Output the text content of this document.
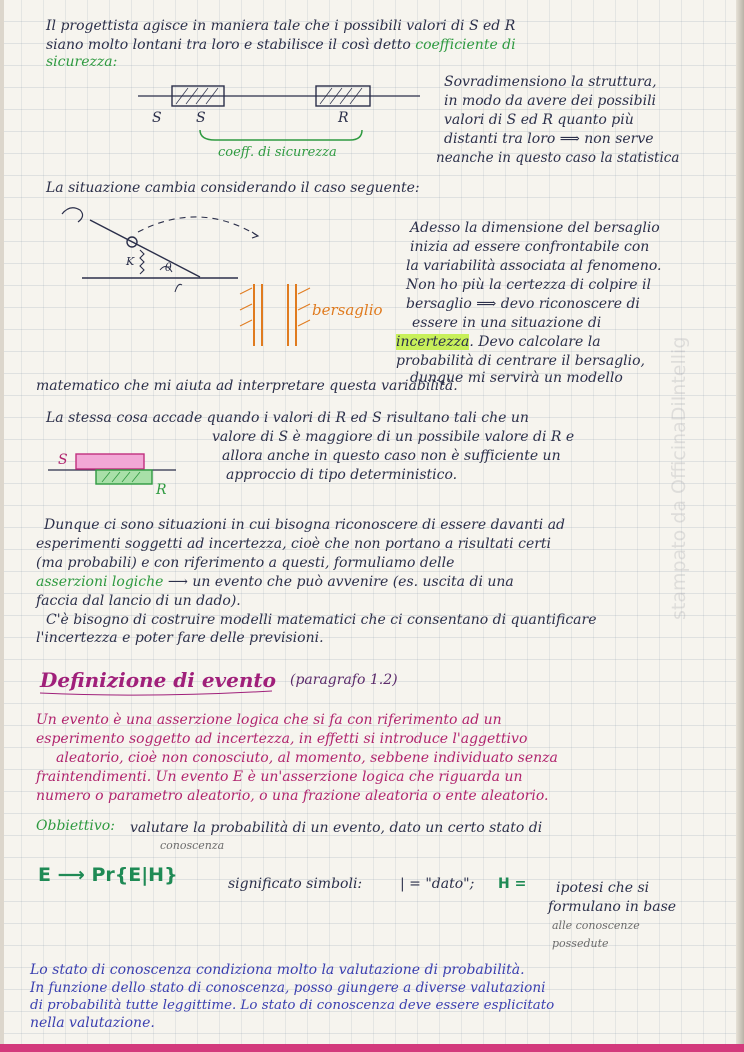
stampato da OfficinaDiIntellig
Il progettista agisce in maniera tale che i possibili valori di S ed R
siano molto lontani tra loro e stabilisce il così detto coefficiente di
sicurezza:
S S	R
coeff. di sicurezza
Sovradimensiono la struttura,
in modo da avere dei possibili
valori di S ed R quanto più
distanti tra loro ⟹ non serve
neanche in questo caso la statistica
La situazione cambia considerando il caso seguente:
K	θ
bersaglio
Adesso la dimensione del bersaglio
inizia ad essere confrontabile con
la variabilità associata al fenomeno.
Non ho più la certezza di colpire il
bersaglio ⟹ devo riconoscere di
essere in una situazione di
incertezza. Devo calcolare la
probabilità di centrare il bersaglio,
dunque mi servirà un modello
matematico che mi aiuta ad interpretare questa variabilità.
La stessa cosa accade quando i valori di R ed S risultano tali che un
valore di S è maggiore di un possibile valore di R e
allora anche in questo caso non è sufficiente un
approccio di tipo deterministico.
S
R
Dunque ci sono situazioni in cui bisogna riconoscere di essere davanti ad
esperimenti soggetti ad incertezza, cioè che non portano a risultati certi
(ma probabili) e con riferimento a questi, formuliamo delle
asserzioni logiche ⟶ un evento che può avvenire (es. uscita di una
faccia dal lancio di un dado).
C'è bisogno di costruire modelli matematici che ci consentano di quantificare
l'incertezza e poter fare delle previsioni.
Definizione di evento (paragrafo 1.2)
Un evento è una asserzione logica che si fa con riferimento ad un
esperimento soggetto ad incertezza, in effetti si introduce l'aggettivo
aleatorio, cioè non conosciuto, al momento, sebbene individuato senza
fraintendimenti. Un evento E è un'asserzione logica che riguarda un
numero o parametro aleatorio, o una frazione aleatoria o ente aleatorio.
Obbiettivo: valutare la probabilità di un evento, dato un certo stato di
conoscenza
E ⟶ Pr{E|H}	significato simboli:	| = "dato"; H = ipotesi che si
formulano in base
alle conoscenze
possedute
Lo stato di conoscenza condiziona molto la valutazione di probabilità.
In funzione dello stato di conoscenza, posso giungere a diverse valutazioni
di probabilità tutte leggittime. Lo stato di conoscenza deve essere esplicitato
nella valutazione.
